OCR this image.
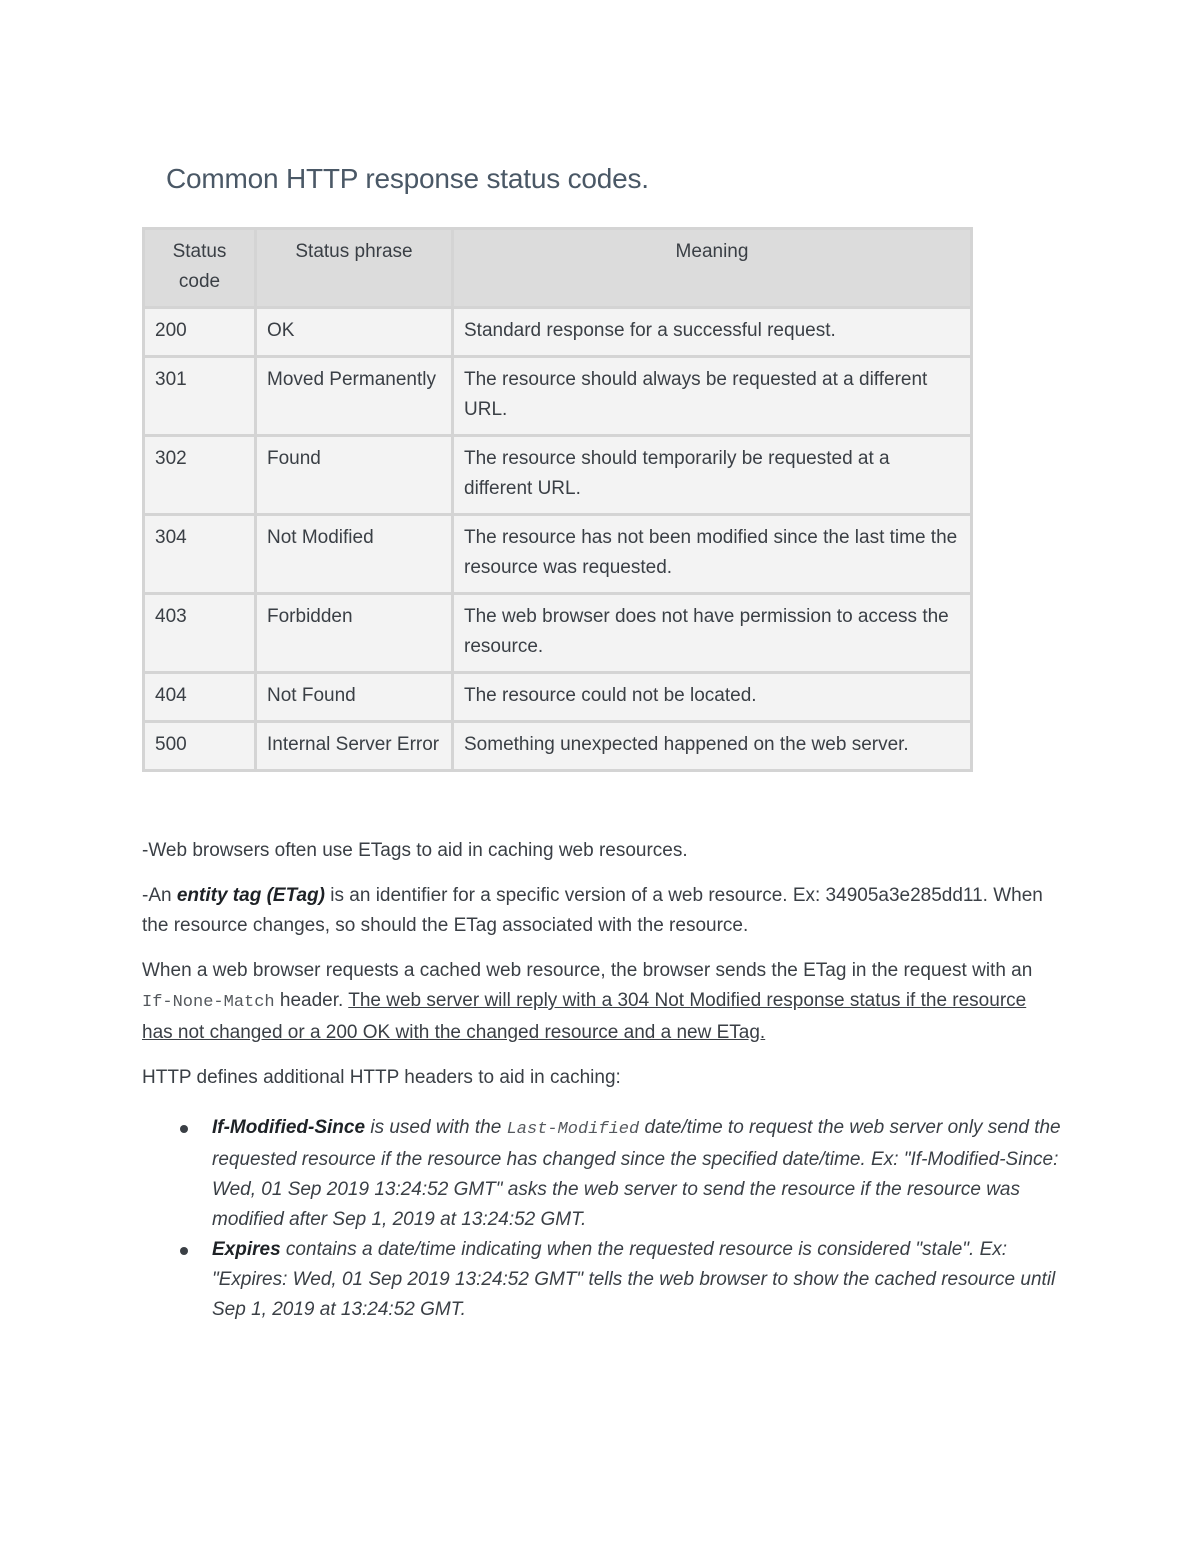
Common HTTP response status codes.
Status code	Status phrase	Meaning
200	OK	Standard response for a successful request.
301	Moved Permanently	The resource should always be requested at a different URL.
302	Found	The resource should temporarily be requested at a different URL.
304	Not Modified	The resource has not been modified since the last time the resource was requested.
403	Forbidden	The web browser does not have permission to access the resource.
404	Not Found	The resource could not be located.
500	Internal Server Error	Something unexpected happened on the web server.

-Web browsers often use ETags to aid in caching web resources.

-An entity tag (ETag) is an identifier for a specific version of a web resource. Ex: 34905a3e285dd11. When the resource changes, so should the ETag associated with the resource.

When a web browser requests a cached web resource, the browser sends the ETag in the request with an If-None-Match header. The web server will reply with a 304 Not Modified response status if the resource has not changed or a 200 OK with the changed resource and a new ETag.

HTTP defines additional HTTP headers to aid in caching:

If-Modified-Since is used with the Last-Modified date/time to request the web server only send the requested resource if the resource has changed since the specified date/time. Ex: "If-Modified-Since: Wed, 01 Sep 2019 13:24:52 GMT" asks the web server to send the resource if the resource was modified after Sep 1, 2019 at 13:24:52 GMT.
Expires contains a date/time indicating when the requested resource is considered "stale". Ex: "Expires: Wed, 01 Sep 2019 13:24:52 GMT" tells the web browser to show the cached resource until Sep 1, 2019 at 13:24:52 GMT.
